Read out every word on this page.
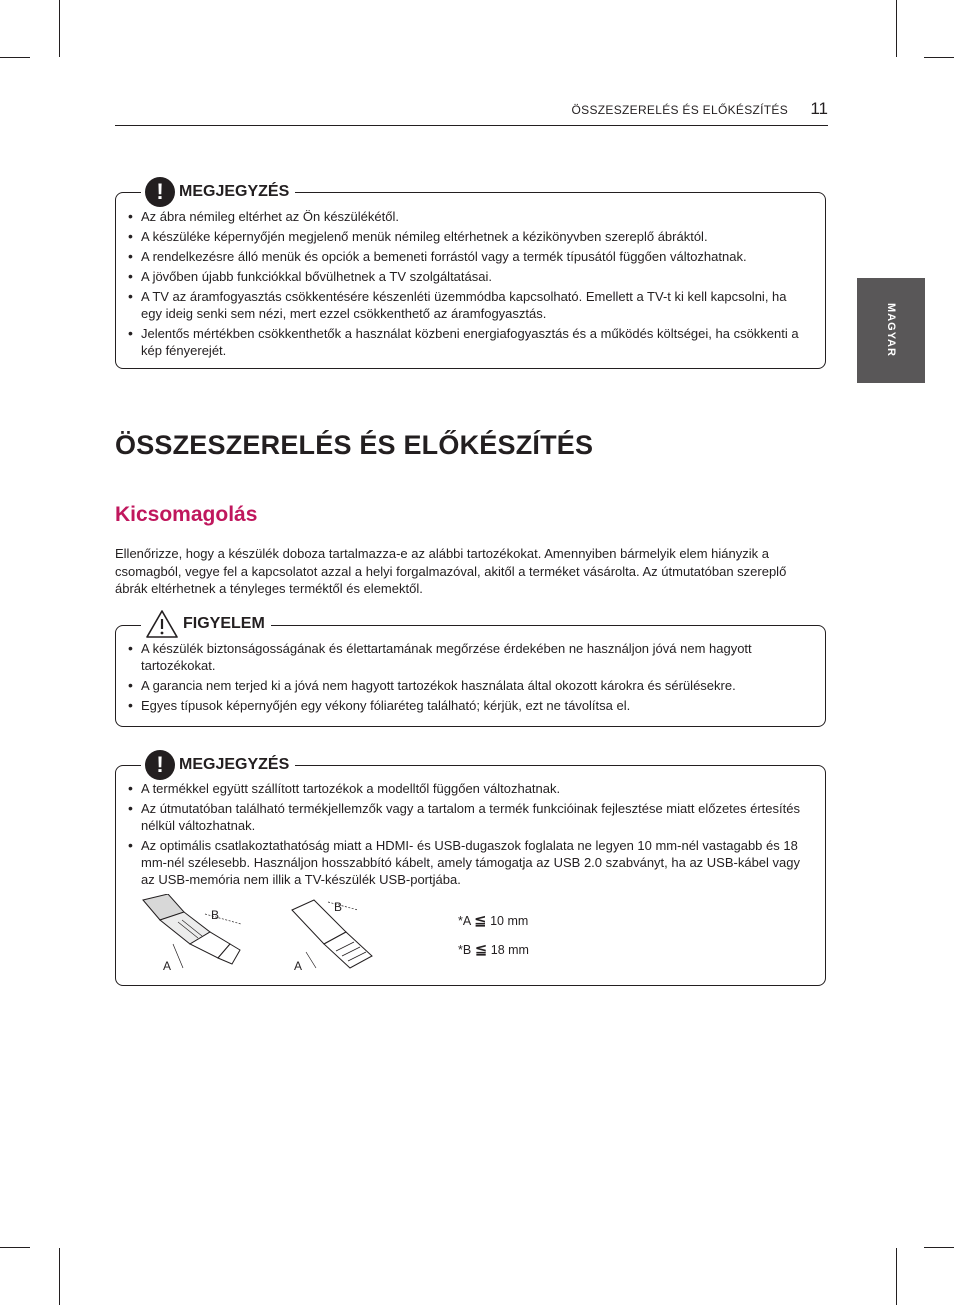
ÖSSZESZERELÉS ÉS ELŐKÉSZÍTÉS 11
MAGYAR
! MEGJEGYZÉS
• Az ábra némileg eltérhet az Ön készülékétől.
• A készüléke képernyőjén megjelenő menük némileg eltérhetnek a kézikönyvben szereplő ábráktól.
• A rendelkezésre álló menük és opciók a bemeneti forrástól vagy a termék típusától függően változhatnak.
• A jövőben újabb funkciókkal bővülhetnek a TV szolgáltatásai.
• A TV az áramfogyasztás csökkentésére készenléti üzemmódba kapcsolható. Emellett a TV-t ki kell kapcsolni, ha egy ideig senki sem nézi, mert ezzel csökkenthető az áramfogyasztás.
• Jelentős mértékben csökkenthetők a használat közbeni energiafogyasztás és a működés költségei, ha csökkenti a kép fényerejét.
ÖSSZESZERELÉS ÉS ELŐKÉSZÍTÉS
Kicsomagolás

Ellenőrizze, hogy a készülék doboza tartalmazza-e az alábbi tartozékokat. Amennyiben bármelyik elem hiányzik a csomagból, vegye fel a kapcsolatot azzal a helyi forgalmazóval, akitől a terméket vásárolta. Az útmutatóban szereplő ábrák eltérhetnek a tényleges terméktől és elemektől.

FIGYELEM
• A készülék biztonságosságának és élettartamának megőrzése érdekében ne használjon jóvá nem hagyott tartozékokat.
• A garancia nem terjed ki a jóvá nem hagyott tartozékok használata által okozott károkra és sérülésekre.
• Egyes típusok képernyőjén egy vékony fóliaréteg található; kérjük, ezt ne távolítsa el.
! MEGJEGYZÉS
• A termékkel együtt szállított tartozékok a modelltől függően változhatnak.
• Az útmutatóban található termékjellemzők vagy a tartalom a termék funkcióinak fejlesztése miatt előzetes értesítés nélkül változhatnak.
• Az optimális csatlakoztathatóság miatt a HDMI- és USB-dugaszok foglalata ne legyen 10 mm-nél vastagabb és 18 mm-nél szélesebb. Használjon hosszabbító kábelt, amely támogatja az USB 2.0 szabványt, ha az USB-kábel vagy az USB-memória nem illik a TV-készülék USB-portjába.
B
A
B
A
*A ≦ 10 mm
*B ≦ 18 mm
